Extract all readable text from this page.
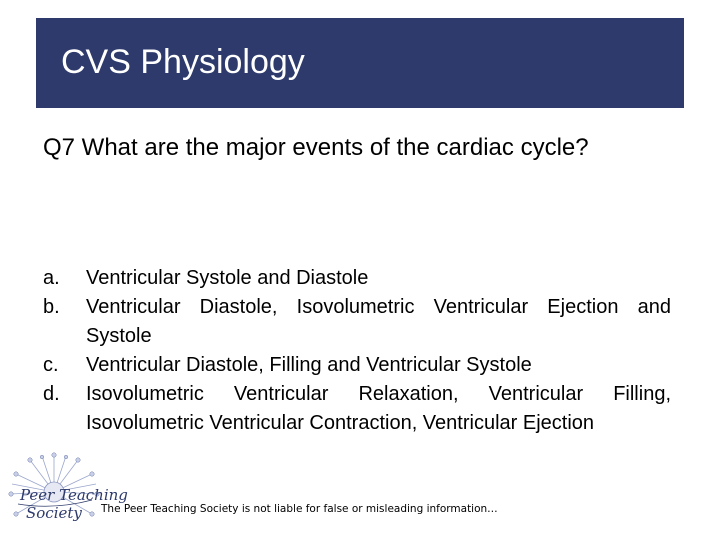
CVS Physiology
Q7 What are the major events of the cardiac cycle?
a. Ventricular Systole and Diastole
b. Ventricular Diastole, Isovolumetric Ventricular Ejection and Systole
c. Ventricular Diastole, Filling and Ventricular Systole
d. Isovolumetric Ventricular Relaxation, Ventricular Filling, Isovolumetric Ventricular Contraction, Ventricular Ejection
Peer Teaching
Society The Peer Teaching Society is not liable for false or misleading information…
